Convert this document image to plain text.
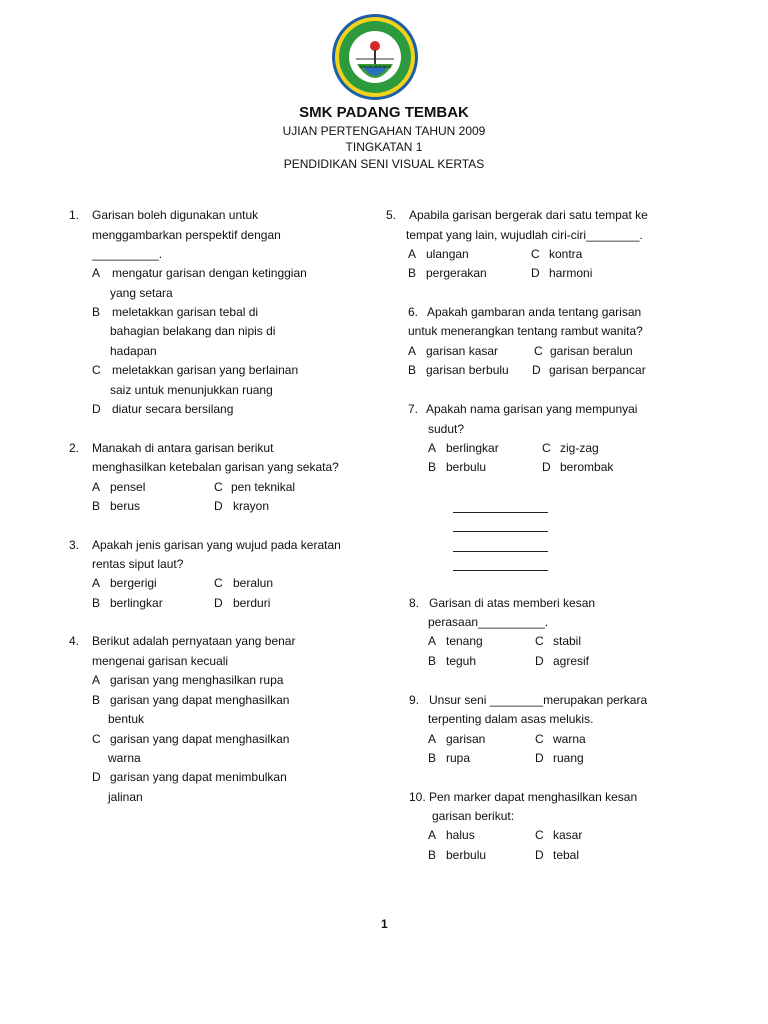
TEKUN BERJAYA
SMK PADANG TEMBAK
UJIAN PERTENGAHAN TAHUN 2009
TINGKATAN 1
PENDIDIKAN SENI VISUAL KERTAS
1. Garisan boleh digunakan untuk
menggambarkan perspektif dengan
__________.
A mengatur garisan dengan ketinggian
yang setara
B meletakkan garisan tebal di
bahagian belakang dan nipis di
hadapan
C meletakkan garisan yang berlainan
saiz untuk menunjukkan ruang
D diatur secara bersilang
2. Manakah di antara garisan berikut
menghasilkan ketebalan garisan yang sekata?
A pensel	C pen teknikal
B berus	D krayon
3. Apakah jenis garisan yang wujud pada keratan
rentas siput laut?
A bergerigi	C beralun
B berlingkar	D berduri
4. Berikut adalah pernyataan yang benar
mengenai garisan kecuali
A garisan yang menghasilkan rupa
B garisan yang dapat menghasilkan
bentuk
C garisan yang dapat menghasilkan
warna
D garisan yang dapat menimbulkan
jalinan
5. Apabila garisan bergerak dari satu tempat ke
tempat yang lain, wujudlah ciri-ciri________.
A ulangan	C kontra
B pergerakan	D harmoni
6. Apakah gambaran anda tentang garisan
untuk menerangkan tentang rambut wanita?
A garisan kasar	C garisan beralun
B garisan berbulu D garisan berpancar
7. Apakah nama garisan yang mempunyai
sudut?
A berlingkar	C zig-zag
B berbulu	D berombak
8. Garisan di atas memberi kesan
perasaan__________.
A tenang	C stabil
B teguh	D agresif
9. Unsur seni ________merupakan perkara
terpenting dalam asas melukis.
A garisan	C warna
B rupa	D ruang
10. Pen marker dapat menghasilkan kesan
garisan berikut:
A halus	C kasar
B berbulu	D tebal
1
